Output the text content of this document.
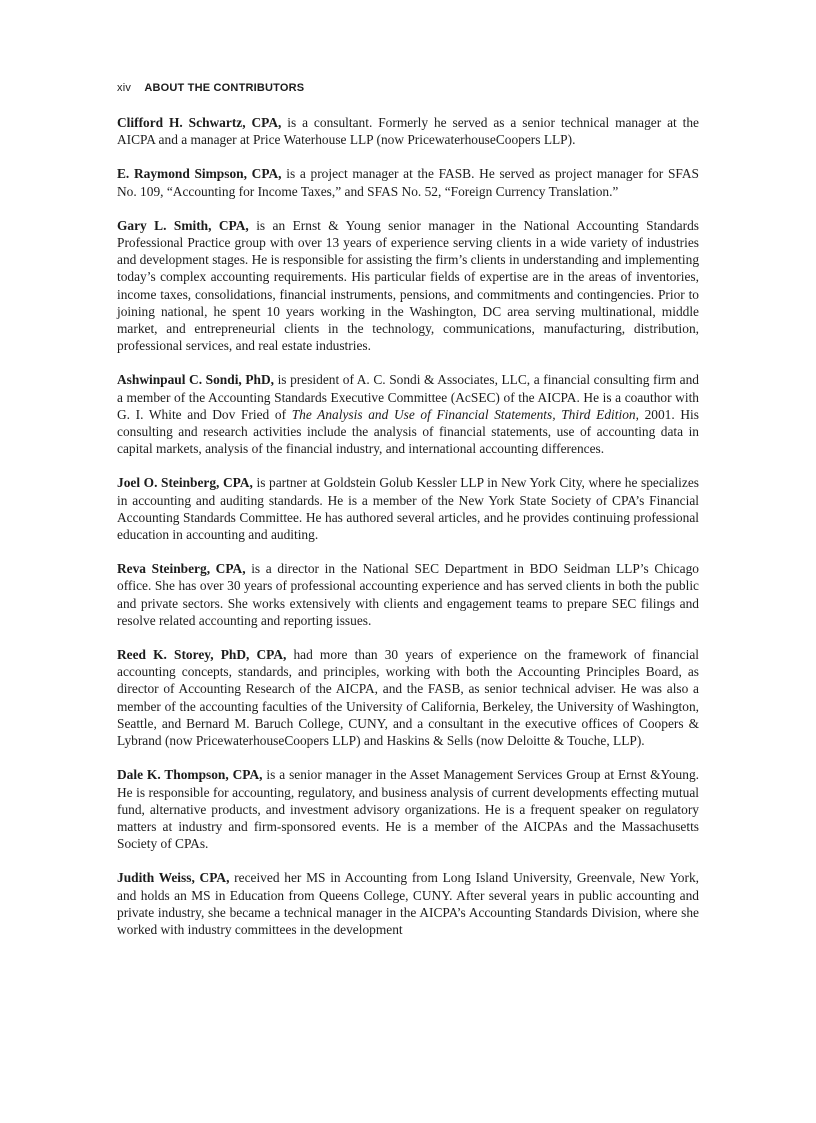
xiv ABOUT THE CONTRIBUTORS

Clifford H. Schwartz, CPA, is a consultant. Formerly he served as a senior technical manager at the AICPA and a manager at Price Waterhouse LLP (now PricewaterhouseCoopers LLP).

E. Raymond Simpson, CPA, is a project manager at the FASB. He served as project manager for SFAS No. 109, “Accounting for Income Taxes,” and SFAS No. 52, “Foreign Currency Translation.”

Gary L. Smith, CPA, is an Ernst & Young senior manager in the National Accounting Standards Professional Practice group with over 13 years of experience serving clients in a wide variety of industries and development stages. He is responsible for assisting the firm’s clients in understanding and implementing today’s complex accounting requirements. His particular fields of expertise are in the areas of inventories, income taxes, consolidations, financial instruments, pensions, and commitments and contingencies. Prior to joining national, he spent 10 years working in the Washington, DC area serving multinational, middle market, and entrepreneurial clients in the technology, communications, manufacturing, distribution, professional services, and real estate industries.

Ashwinpaul C. Sondi, PhD, is president of A. C. Sondi & Associates, LLC, a financial consulting firm and a member of the Accounting Standards Executive Committee (AcSEC) of the AICPA. He is a coauthor with G. I. White and Dov Fried of The Analysis and Use of Financial Statements, Third Edition, 2001. His consulting and research activities include the analysis of financial statements, use of accounting data in capital markets, analysis of the financial industry, and international accounting differences.

Joel O. Steinberg, CPA, is partner at Goldstein Golub Kessler LLP in New York City, where he specializes in accounting and auditing standards. He is a member of the New York State Society of CPA’s Financial Accounting Standards Committee. He has authored several articles, and he provides continuing professional education in accounting and auditing.

Reva Steinberg, CPA, is a director in the National SEC Department in BDO Seidman LLP’s Chicago office. She has over 30 years of professional accounting experience and has served clients in both the public and private sectors. She works extensively with clients and engagement teams to prepare SEC filings and resolve related accounting and reporting issues.

Reed K. Storey, PhD, CPA, had more than 30 years of experience on the framework of financial accounting concepts, standards, and principles, working with both the Accounting Principles Board, as director of Accounting Research of the AICPA, and the FASB, as senior technical adviser. He was also a member of the accounting faculties of the University of California, Berkeley, the University of Washington, Seattle, and Bernard M. Baruch College, CUNY, and a consultant in the executive offices of Coopers & Lybrand (now PricewaterhouseCoopers LLP) and Haskins & Sells (now Deloitte & Touche, LLP).

Dale K. Thompson, CPA, is a senior manager in the Asset Management Services Group at Ernst &Young. He is responsible for accounting, regulatory, and business analysis of current developments effecting mutual fund, alternative products, and investment advisory organizations. He is a frequent speaker on regulatory matters at industry and firm-sponsored events. He is a member of the AICPAs and the Massachusetts Society of CPAs.

Judith Weiss, CPA, received her MS in Accounting from Long Island University, Greenvale, New York, and holds an MS in Education from Queens College, CUNY. After several years in public accounting and private industry, she became a technical manager in the AICPA’s Accounting Standards Division, where she worked with industry committees in the development
